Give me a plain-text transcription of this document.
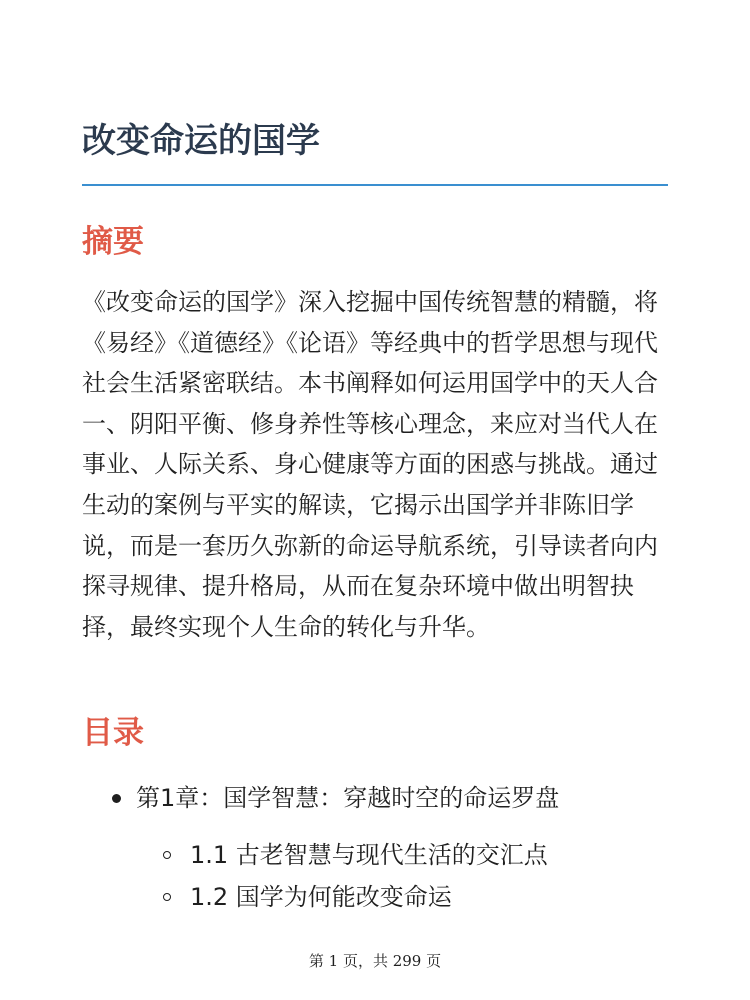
改变命运的国学
摘要

《改变命运的国学》深入挖掘中国传统智慧的精髓，将《易经》《道德经》《论语》等经典中的哲学思想与现代社会生活紧密联结。本书阐释如何运用国学中的天人合一、阴阳平衡、修身养性等核心理念，来应对当代人在事业、人际关系、身心健康等方面的困惑与挑战。通过生动的案例与平实的解读，它揭示出国学并非陈旧学说，而是一套历久弥新的命运导航系统，引导读者向内探寻规律、提升格局，从而在复杂环境中做出明智抉择，最终实现个人生命的转化与升华。

目录
第1章：国学智慧：穿越时空的命运罗盘
1.1 古老智慧与现代生活的交汇点
1.2 国学为何能改变命运

第 1 页，共 299 页
